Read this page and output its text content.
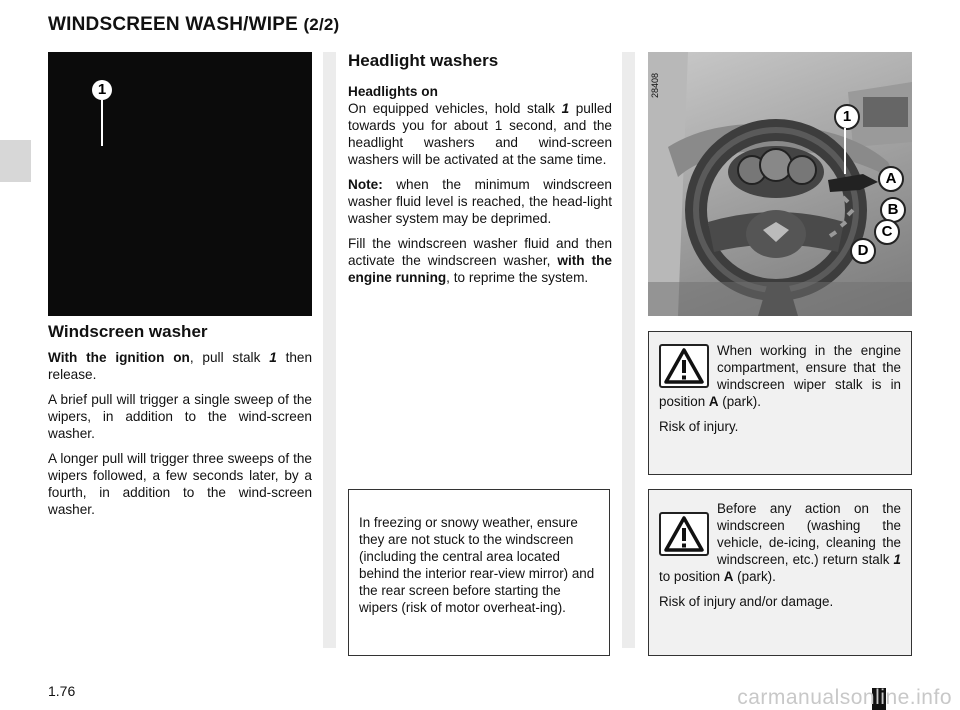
WINDSCREEN WASH/WIPE (2/2)
1
Windscreen washer

With the ignition on, pull stalk 1 then release.

A brief pull will trigger a single sweep of the wipers, in addition to the wind-screen washer.

A longer pull will trigger three sweeps of the wipers followed, a few seconds later, by a fourth, in addition to the wind-screen washer.

Headlight washers
Headlights on

On equipped vehicles, hold stalk 1 pulled towards you for about 1 second, and the headlight washers and wind-screen washers will be activated at the same time.

Note: when the minimum windscreen washer fluid level is reached, the head-light washer system may be deprimed.

Fill the windscreen washer fluid and then activate the windscreen washer, with the engine running, to reprime the system.

In freezing or snowy weather, ensure they are not stuck to the windscreen (including the central area located behind the interior rear-view mirror) and the rear screen before starting the wipers (risk of motor overheat-ing).
28408
1
A
B
C
D

When working in the engine compartment, ensure that the windscreen wiper stalk is in position A (park).

Risk of injury.

Before any action on the windscreen (washing the vehicle, de-icing, cleaning the windscreen, etc.) return stalk 1 to position A (park).

Risk of injury and/or damage.

1.76	carmanualsonline.info
